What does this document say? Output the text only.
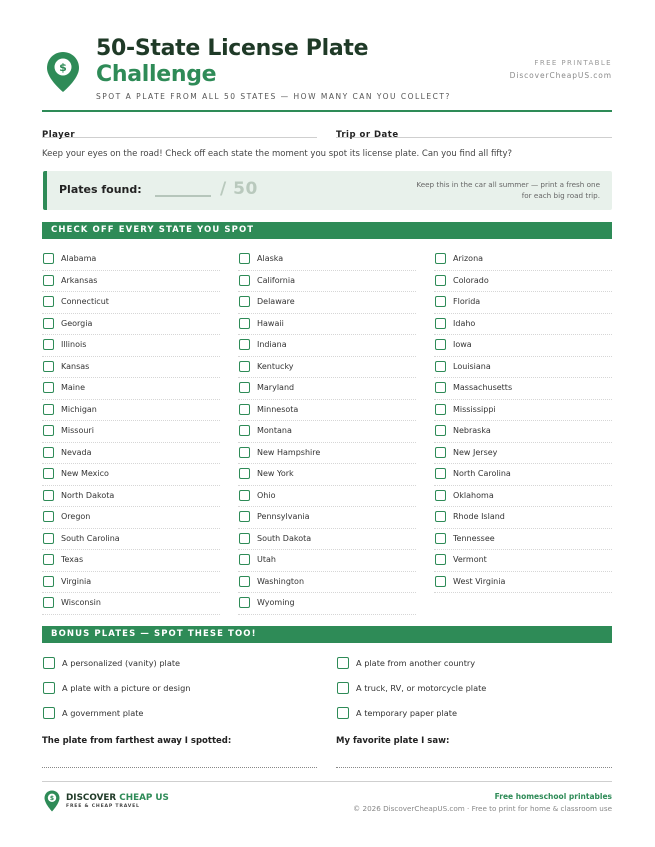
$
50-State License Plate
Challenge	FREE PRINTABLE
DiscoverCheapUS.com
SPOT A PLATE FROM ALL 50 STATES — HOW MANY CAN YOU COLLECT?
Player	Trip or Date
Keep your eyes on the road! Check off each state the moment you spot its license plate. Can you find all fifty?
Plates found:	/ 50	Keep this in the car all summer — print a fresh one
for each big road trip.
CHECK OFF EVERY STATE YOU SPOT
Alabama
Arkansas
Connecticut
Georgia
Illinois
Kansas
Maine
Michigan
Missouri
Nevada
New Mexico
North Dakota
Oregon
South Carolina
Texas
Virginia
Wisconsin
Alaska
California
Delaware
Hawaii
Indiana
Kentucky
Maryland
Minnesota
Montana
New Hampshire
New York
Ohio
Pennsylvania
South Dakota
Utah
Washington
Wyoming
Arizona
Colorado
Florida
Idaho
Iowa
Louisiana
Massachusetts
Mississippi
Nebraska
New Jersey
North Carolina
Oklahoma
Rhode Island
Tennessee
Vermont
West Virginia
BONUS PLATES — SPOT THESE TOO!
A personalized (vanity) plate
A plate with a picture or design
A government plate
A plate from another country
A truck, RV, or motorcycle plate
A temporary paper plate
The plate from farthest away I spotted:	My favorite plate I saw:
$ DISCOVER CHEAP US
FREE & CHEAP TRAVEL
Free homeschool printables
© 2026 DiscoverCheapUS.com · Free to print for home & classroom use
